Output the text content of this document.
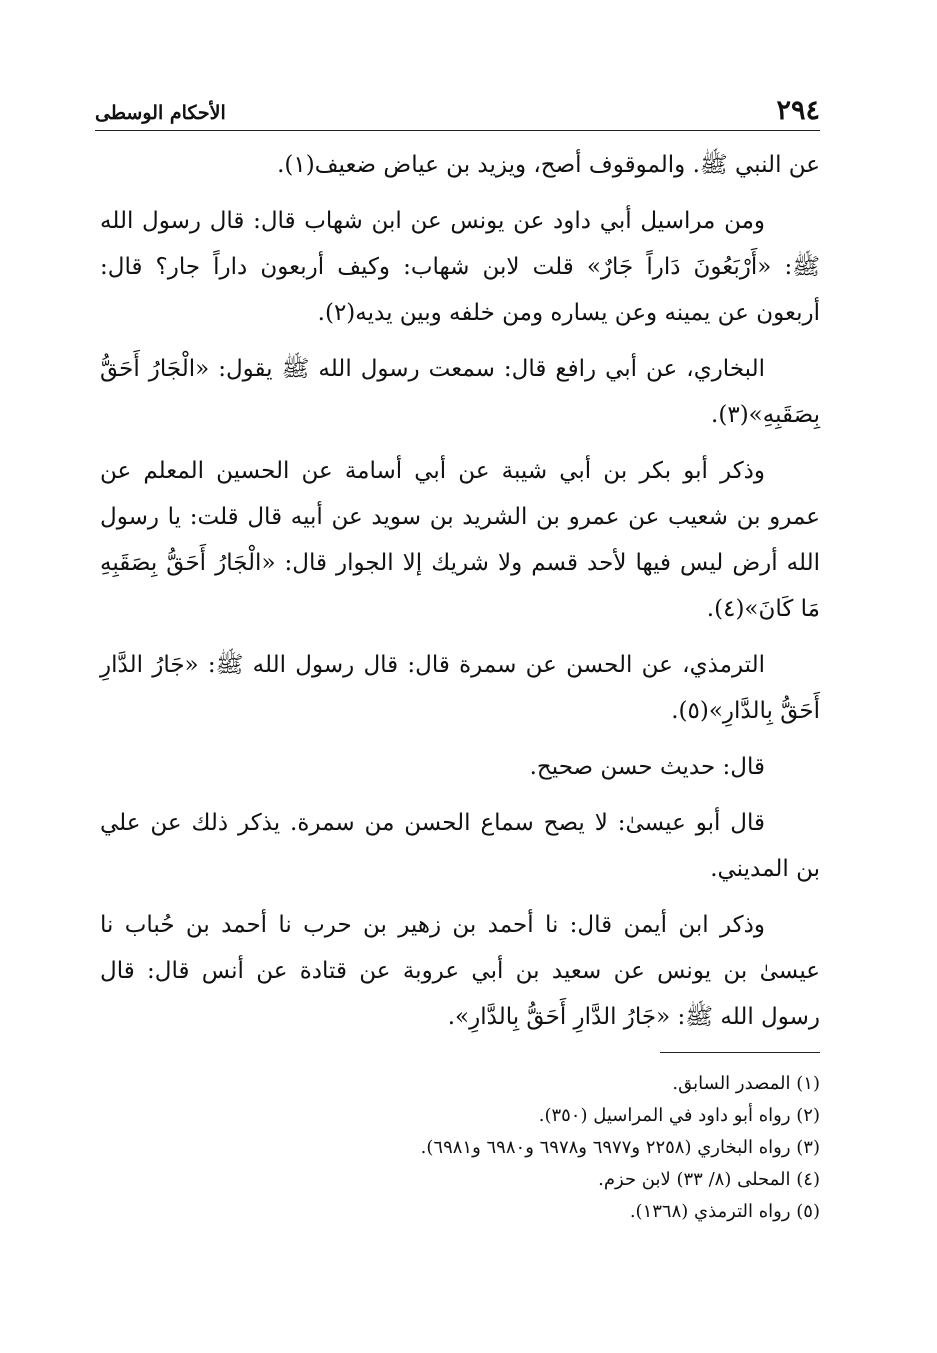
٢٩٤
الأحكام الوسطى

عن النبي ﷺ. والموقوف أصح، ويزيد بن عياض ضعيف(١).

ومن مراسيل أبي داود عن يونس عن ابن شهاب قال: قال رسول الله ﷺ: «أَرْبَعُونَ دَاراً جَارٌ» قلت لابن شهاب: وكيف أربعون داراً جار؟ قال: أربعون عن يمينه وعن يساره ومن خلفه وبين يديه(٢).

البخاري، عن أبي رافع قال: سمعت رسول الله ﷺ يقول: «الْجَارُ أَحَقُّ بِصَقَبِهِ»(٣).

وذكر أبو بكر بن أبي شيبة عن أبي أسامة عن الحسين المعلم عن عمرو بن شعيب عن عمرو بن الشريد بن سويد عن أبيه قال قلت: يا رسول الله أرض ليس فيها لأحد قسم ولا شريك إلا الجوار قال: «الْجَارُ أَحَقُّ بِصَقَبِهِ مَا كَانَ»(٤).

الترمذي، عن الحسن عن سمرة قال: قال رسول الله ﷺ: «جَارُ الدَّارِ أَحَقُّ بِالدَّارِ»(٥).

قال: حديث حسن صحيح.

قال أبو عيسىٰ: لا يصح سماع الحسن من سمرة. يذكر ذلك عن علي بن المديني.

وذكر ابن أيمن قال: نا أحمد بن زهير بن حرب نا أحمد بن حُباب نا عيسىٰ بن يونس عن سعيد بن أبي عروبة عن قتادة عن أنس قال: قال رسول الله ﷺ: «جَارُ الدَّارِ أَحَقُّ بِالدَّارِ».

(١) المصدر السابق.
(٢) رواه أبو داود في المراسيل (٣٥٠).
(٣) رواه البخاري (٢٢٥٨ و٦٩٧٧ و٦٩٧٨ و٦٩٨٠ و٦٩٨١).
(٤) المحلى (٨/ ٣٣) لابن حزم.
(٥) رواه الترمذي (١٣٦٨).
